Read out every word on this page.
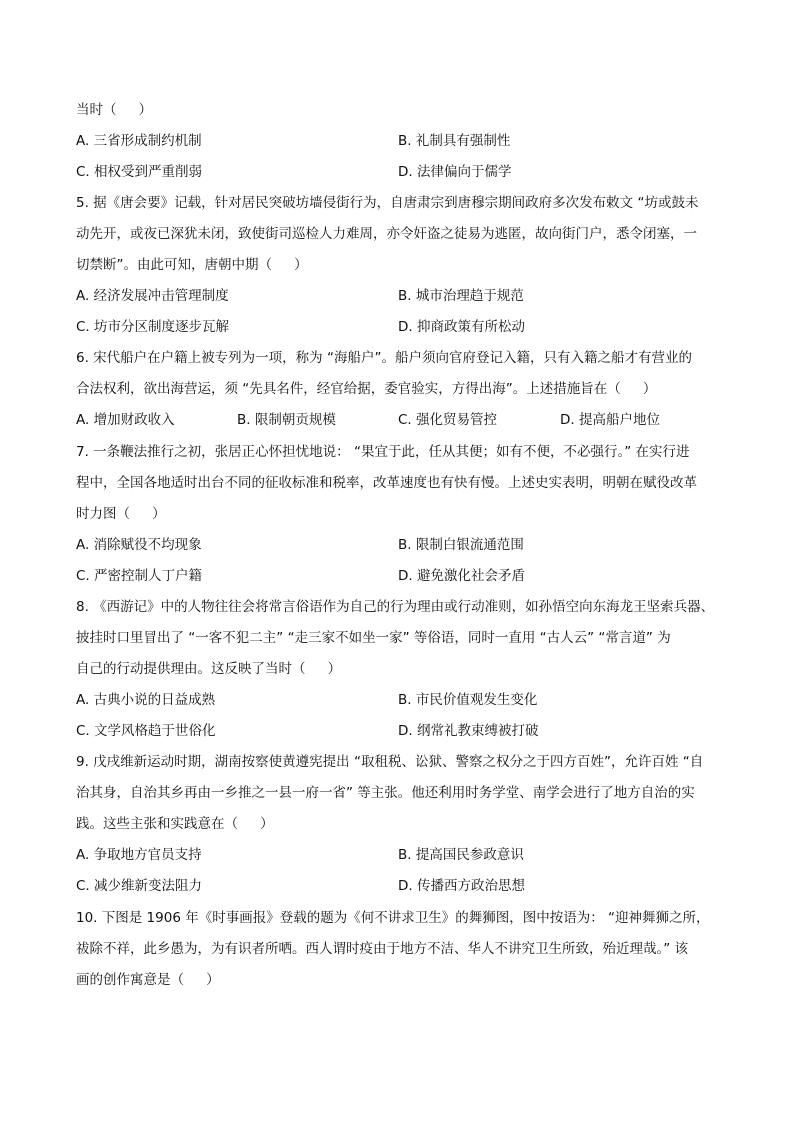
当时（ 　 ）
A. 三省形成制约机制	B. 礼制具有强制性
C. 相权受到严重削弱	D. 法律偏向于儒学
5. 据《唐会要》记载，针对居民突破坊墙侵街行为，自唐肃宗到唐穆宗期间政府多次发布敕文 “坊或鼓未
动先开，或夜已深犹未闭，致使街司巡检人力难周，亦令奸盗之徒易为逃匿，故向街门户，悉令闭塞，一
切禁断”。由此可知，唐朝中期（ 　 ）
A. 经济发展冲击管理制度	B. 城市治理趋于规范
C. 坊市分区制度逐步瓦解	D. 抑商政策有所松动
6. 宋代船户在户籍上被专列为一项，称为 “海船户”。船户须向官府登记入籍，只有入籍之船才有营业的
合法权利，欲出海营运，须 “先具名件，经官给据，委官验实，方得出海”。上述措施旨在（ 　 ）
A. 增加财政收入	B. 限制朝贡规模	C. 强化贸易管控	D. 提高船户地位
7. 一条鞭法推行之初，张居正心怀担忧地说： “果宜于此，任从其便；如有不便，不必强行。” 在实行进
程中，全国各地适时出台不同的征收标准和税率，改革速度也有快有慢。上述史实表明，明朝在赋役改革
时力图（ 　 ）
A. 消除赋役不均现象	B. 限制白银流通范围
C. 严密控制人丁户籍	D. 避免激化社会矛盾
8. 《西游记》中的人物往往会将常言俗语作为自己的行为理由或行动准则，如孙悟空向东海龙王坚索兵器、
披挂时口里冒出了 “一客不犯二主” “走三家不如坐一家” 等俗语，同时一直用 “古人云” “常言道” 为
自己的行动提供理由。这反映了当时（ 　 ）
A. 古典小说的日益成熟	B. 市民价值观发生变化
C. 文学风格趋于世俗化	D. 纲常礼教束缚被打破
9. 戊戌维新运动时期，湖南按察使黄遵宪提出 “取租税、讼狱、警察之权分之于四方百姓”，允许百姓 “自
治其身，自治其乡再由一乡推之一县一府一省” 等主张。他还利用时务学堂、南学会进行了地方自治的实
践。这些主张和实践意在（ 　 ）
A. 争取地方官员支持	B. 提高国民参政意识
C. 减少维新变法阻力	D. 传播西方政治思想
10. 下图是 1906 年《时事画报》登载的题为《何不讲求卫生》的舞狮图，图中按语为： “迎神舞狮之所，
祓除不祥，此乡愚为，为有识者所哂。西人谓时疫由于地方不洁、华人不讲究卫生所致，殆近理哉。” 该
画的创作寓意是（ 　 ）
